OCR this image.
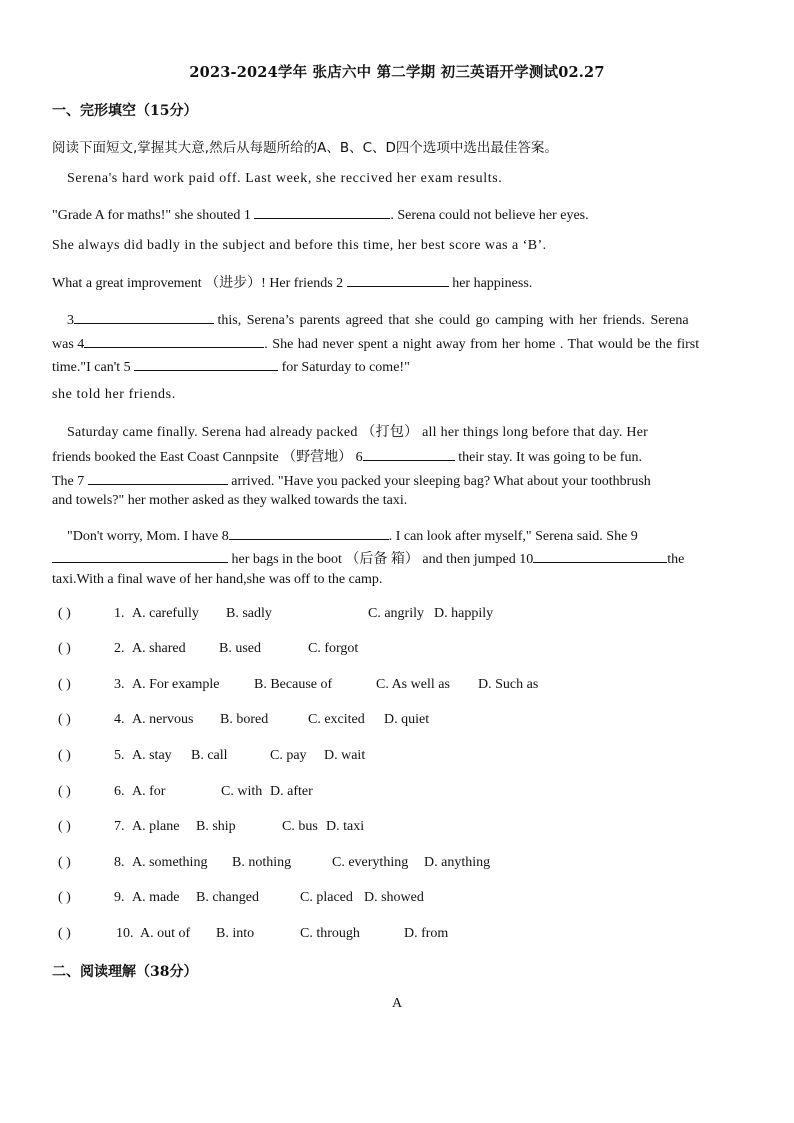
2023-2024学年 张店六中 第二学期 初三英语开学测试02.27
一、完形填空（15分）
阅读下面短文,掌握其大意,然后从每题所给的A、B、C、D四个选项中选出最佳答案。
Serena's hard work paid off. Last week, she reccived her exam results.
"Grade A for maths!" she shouted 1	. Serena could not believe her eyes.
She always did badly in the subject and before this time, her best score was a ‘B’.
What a great improvement （进步）! Her friends 2	her happiness.
3	this, Serena’s parents agreed that she could go camping with her friends. Serena
was 4	. She had never spent a night away from her home . That would be the first
time."I can't 5	for Saturday to come!"
she told her friends.
Saturday came finally. Serena had already packed （打包） all her things long before that day. Her
friends booked the East Coast Cannpsite （野营地） 6	their stay. It was going to be fun.
The 7	arrived. "Have you packed your sleeping bag? What about your toothbrush
and towels?" her mother asked as they walked towards the taxi.
"Don't worry, Mom. I have 8	. I can look after myself," Serena said. She 9
her bags in the boot （后备 箱） and then jumped 10	the
taxi.With a final wave of her hand,she was off to the camp.
( )	1. A. carefully B. sadly	C. angrily D. happily
( )	2. A. shared B. used	C. forgot
( )	3. A. For example B. Because of	C. As well as D. Such as
( )	4. A. nervous B. bored	C. excited D. quiet
( )	5. A. stay B. call	C. pay D. wait
( )	6. A. for	C. with D. after
( )	7. A. plane B. ship	C. bus D. taxi
( )	8. A. something B. nothing	C. everything D. anything
( )	9. A. made B. changed	C. placed D. showed
( )	10. A. out of B. into	C. through	D. from
二、阅读理解（38分）
A
